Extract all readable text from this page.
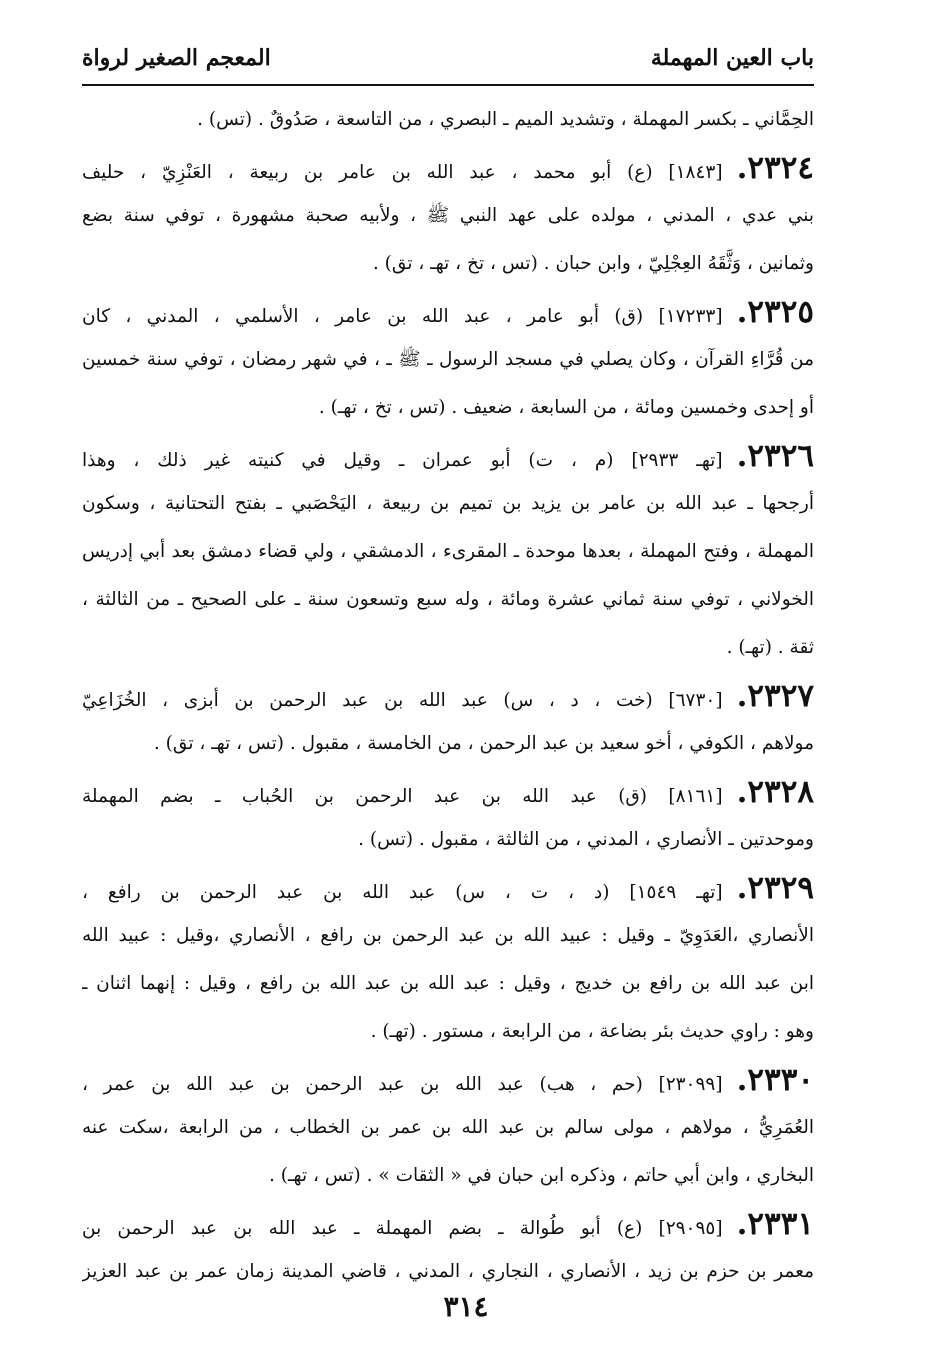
باب العين المهملة
المعجم الصغير لرواة
الحِمَّاني ـ بكسر المهملة ، وتشديد الميم ـ البصري ، من التاسعة ، صَدُوقٌ . (تس) .
٢٣٢٤.[١٨٤٣] (ع) أبو محمد ، عبد الله بن عامر بن ربيعة ، العَنْزِيّ ، حليف
بني عدي ، المدني ، مولده على عهد النبي ﷺ ، ولأبيه صحبة مشهورة ، توفي سنة بضع
وثمانين ، وَثَّقَهُ العِجْلِيّ ، وابن حبان . (تس ، تخ ، تهـ ، تق) .
٢٣٢٥.[١٧٢٣٣] (ق) أبو عامر ، عبد الله بن عامر ، الأسلمي ، المدني ، كان
من قُرَّاءِ القرآن ، وكان يصلي في مسجد الرسول ـ ﷺ ـ ، في شهر رمضان ، توفي سنة خمسين
أو إحدى وخمسين ومائة ، من السابعة ، ضعيف . (تس ، تخ ، تهـ) .
٢٣٢٦.[تهـ ٢٩٣٣] (م ، ت) أبو عمران ـ وقيل في كنيته غير ذلك ، وهذا
أرجحها ـ عبد الله بن عامر بن يزيد بن تميم بن ربيعة ، اليَحْصَبي ـ بفتح التحتانية ، وسكون
المهملة ، وفتح المهملة ، بعدها موحدة ـ المقرىء ، الدمشقي ، ولي قضاء دمشق بعد أبي إدريس
الخولاني ، توفي سنة ثماني عشرة ومائة ، وله سبع وتسعون سنة ـ على الصحيح ـ من الثالثة ،
ثقة . (تهـ) .
٢٣٢٧.[٦٧٣٠] (خت ، د ، س) عبد الله بن عبد الرحمن بن أبزى ، الخُزَاعِيّ
مولاهم ، الكوفي ، أخو سعيد بن عبد الرحمن ، من الخامسة ، مقبول . (تس ، تهـ ، تق) .
٢٣٢٨.[٨١٦١] (ق) عبد الله بن عبد الرحمن بن الحُباب ـ بضم المهملة
وموحدتين ـ الأنصاري ، المدني ، من الثالثة ، مقبول . (تس) .
٢٣٢٩.[تهـ ١٥٤٩] (د ، ت ، س) عبد الله بن عبد الرحمن بن رافع ،
الأنصاري ،العَدَوِيّ ـ وقيل : عبيد الله بن عبد الرحمن بن رافع ، الأنصاري ،وقيل : عبيد الله
ابن عبد الله بن رافع بن خديج ، وقيل : عبد الله بن عبد الله بن رافع ، وقيل : إنهما اثنان ـ
وهو : راوي حديث بئر بضاعة ، من الرابعة ، مستور . (تهـ) .
٢٣٣٠.[٢٣٠٩٩] (حم ، هب) عبد الله بن عبد الرحمن بن عبد الله بن عمر ،
العُمَرِيُّ ، مولاهم ، مولى سالم بن عبد الله بن عمر بن الخطاب ، من الرابعة ،سكت عنه
البخاري ، وابن أبي حاتم ، وذكره ابن حبان في « الثقات » . (تس ، تهـ) .
٢٣٣١.[٢٩٠٩٥] (ع) أبو طُوالة ـ بضم المهملة ـ عبد الله بن عبد الرحمن بن
معمر بن حزم بن زيد ، الأنصاري ، النجاري ، المدني ، قاضي المدينة زمان عمر بن عبد العزيز
٣١٤
